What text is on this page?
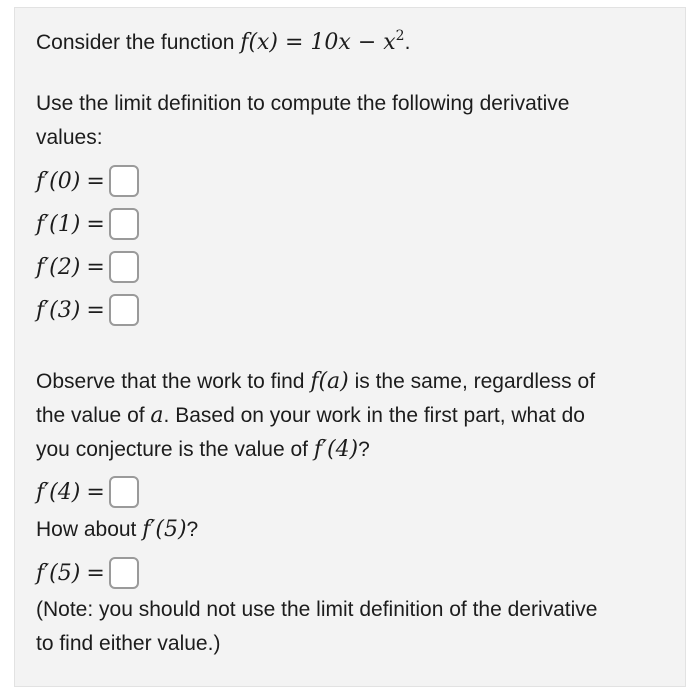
Consider the function $f(x) = 10x - x^2$.
Use the limit definition to compute the following derivative
values:
f′(0) =
f′(1) =
f′(2) =
f′(3) =
Observe that the work to find f(a) is the same, regardless of
the value of a. Based on your work in the first part, what do
you conjecture is the value of f′(4)?
f′(4) =
How about f′(5)?
f′(5) =
(Note: you should not use the limit definition of the derivative
to find either value.)
